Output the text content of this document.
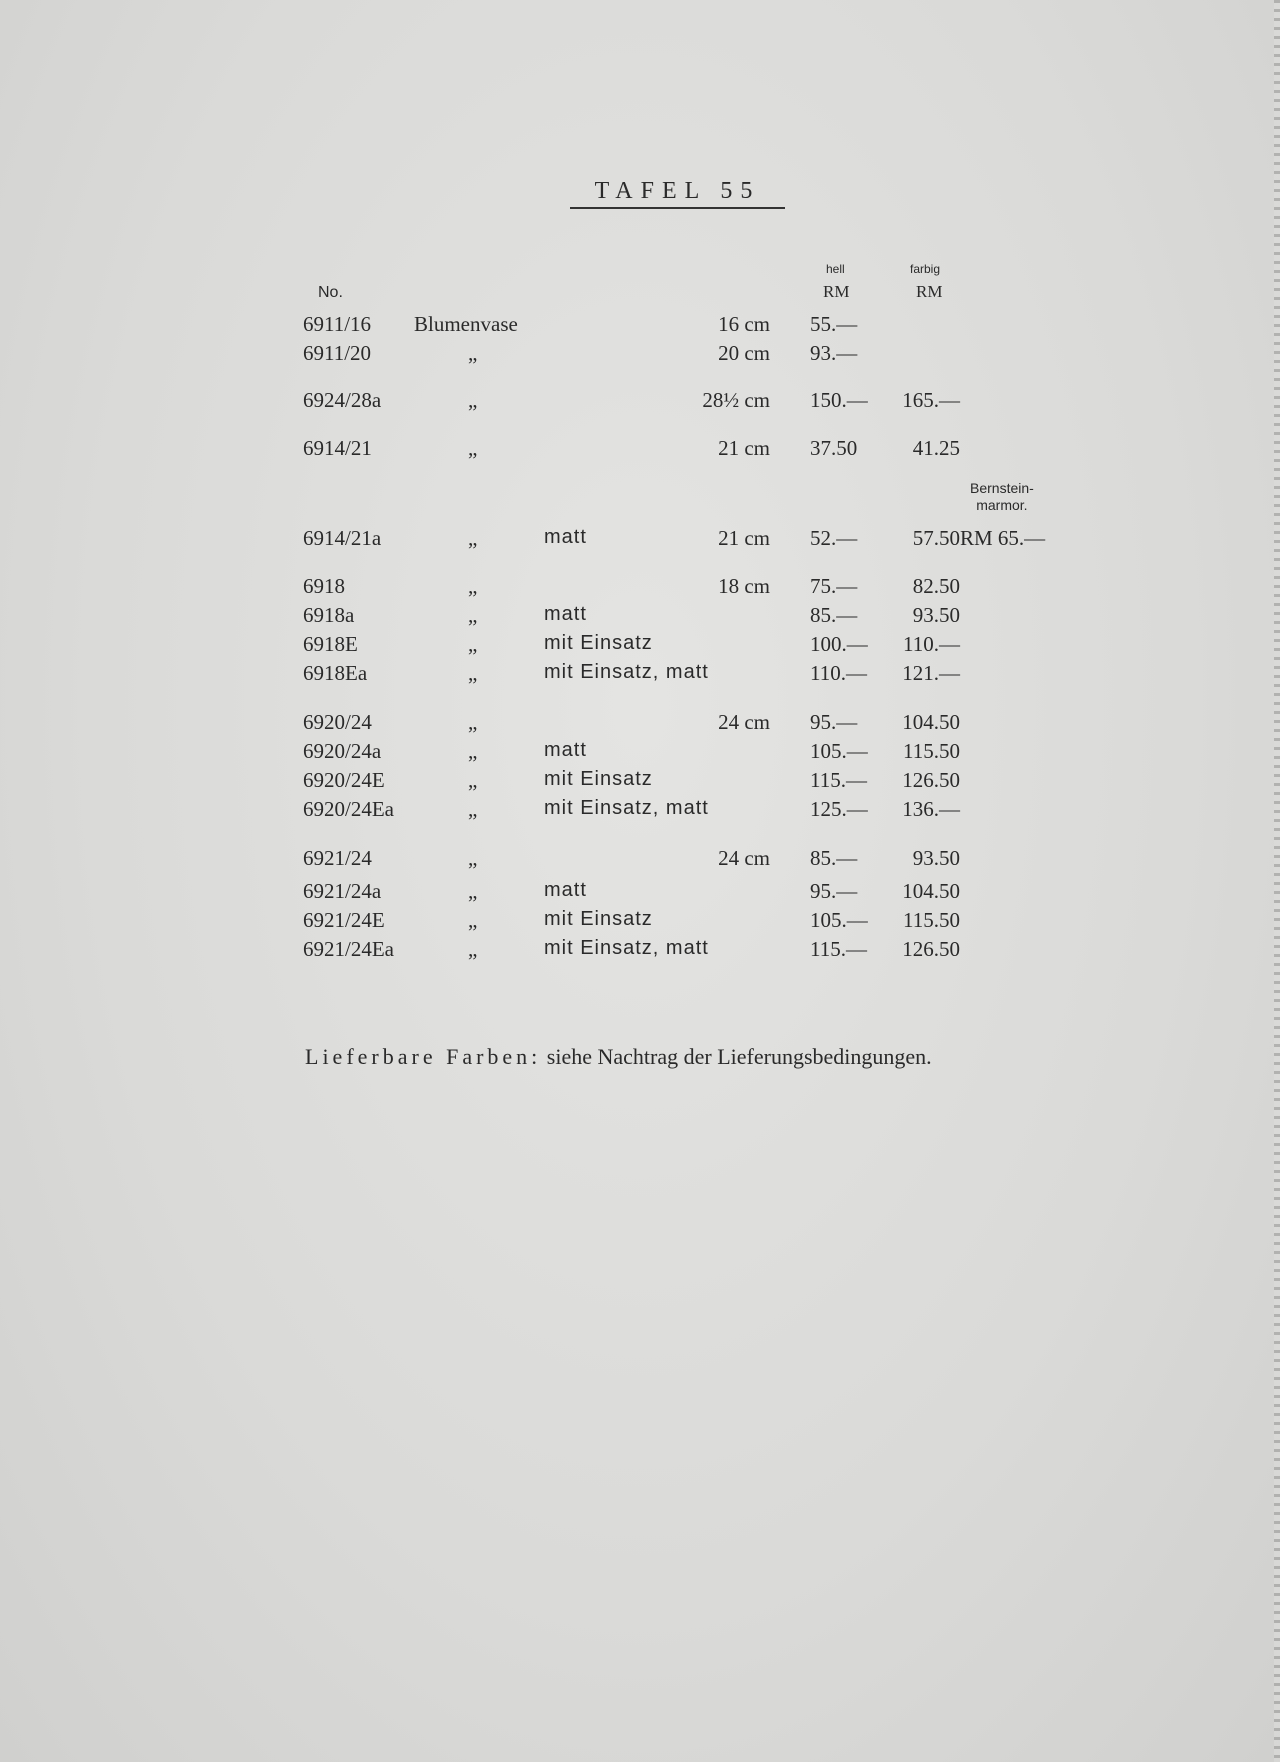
TAFEL 55
hell	farbig
No.	RM	RM
Bernstein-
marmor.
6911/16 Blumenvase	16 cm 55.—
6911/20	„	20 cm 93.—
6924/28a	„	28½ cm 150.— 165.—
6914/21	„	21 cm 37.50	41.25
6914/21a	„	matt	21 cm 52.—	57.50 RM 65.—
6918	„	18 cm 75.—	82.50
6918a	„	matt	85.—	93.50
6918E	„	mit Einsatz	100.— 110.—
6918Ea	„	mit Einsatz, matt	110.— 121.—
6920/24	„	24 cm 95.— 104.50
6920/24a	„	matt	105.— 115.50
6920/24E	„	mit Einsatz	115.— 126.50
6920/24Ea	„	mit Einsatz, matt	125.— 136.—
6921/24	„	24 cm 85.—	93.50
6921/24a	„	matt	95.— 104.50
6921/24E	„	mit Einsatz	105.— 115.50
6921/24Ea	„	mit Einsatz, matt	115.— 126.50
Lieferbare Farben: siehe Nachtrag der Lieferungsbedingungen.
